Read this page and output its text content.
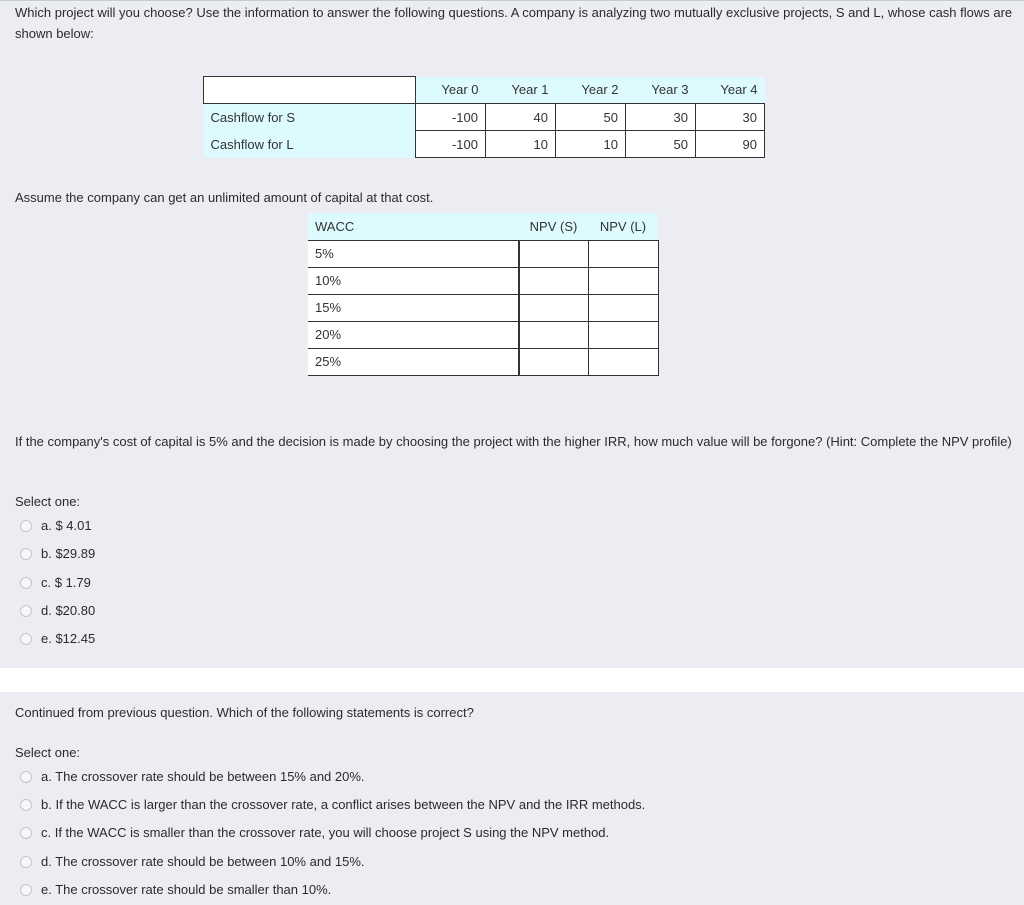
Which project will you choose? Use the information to answer the following questions. A company is analyzing two mutually exclusive projects, S and L, whose cash flows are shown below:

	Year 0	Year 1	Year 2	Year 3	Year 4
Cashflow for S	-100	40	50	30	30
Cashflow for L	-100	10	10	50	90

Assume the company can get an unlimited amount of capital at that cost.

WACC	NPV (S)	NPV (L)
5%		
10%		
15%		
20%		
25%		

If the company's cost of capital is 5% and the decision is made by choosing the project with the higher IRR, how much value will be forgone? (Hint: Complete the NPV profile)

Select one:

a. $ 4.01
b. $29.89
c. $ 1.79
d. $20.80
e. $12.45

Continued from previous question. Which of the following statements is correct?

Select one:

a. The crossover rate should be between 15% and 20%.
b. If the WACC is larger than the crossover rate, a conflict arises between the NPV and the IRR methods.
c. If the WACC is smaller than the crossover rate, you will choose project S using the NPV method.
d. The crossover rate should be between 10% and 15%.
e. The crossover rate should be smaller than 10%.
